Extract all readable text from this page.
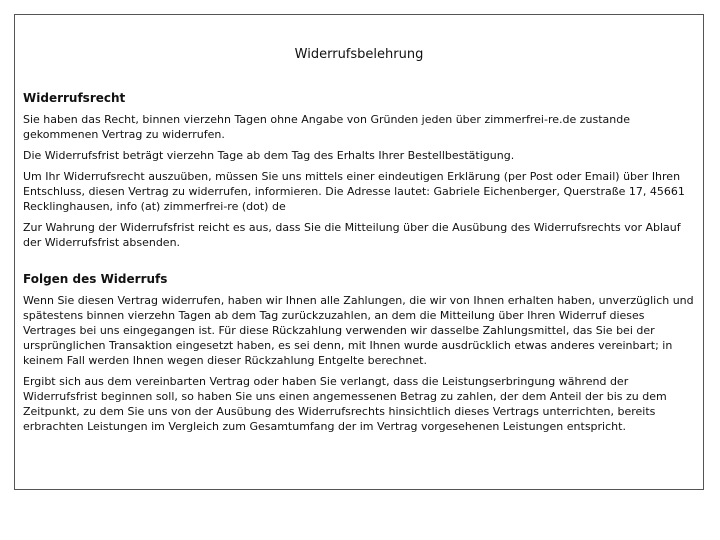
Widerrufsbelehrung
Widerrufsrecht

Sie haben das Recht, binnen vierzehn Tagen ohne Angabe von Gründen jeden über zimmerfrei-re.de zustande gekommenen Vertrag zu widerrufen.

Die Widerrufsfrist beträgt vierzehn Tage ab dem Tag des Erhalts Ihrer Bestellbestätigung.

Um Ihr Widerrufsrecht auszuüben, müssen Sie uns mittels einer eindeutigen Erklärung (per Post oder Email) über Ihren Entschluss, diesen Vertrag zu widerrufen, informieren. Die Adresse lautet: Gabriele Eichenberger, Querstraße 17, 45661 Recklinghausen, info (at) zimmerfrei-re (dot) de

Zur Wahrung der Widerrufsfrist reicht es aus, dass Sie die Mitteilung über die Ausübung des Widerrufsrechts vor Ablauf der Widerrufsfrist absenden.

Folgen des Widerrufs

Wenn Sie diesen Vertrag widerrufen, haben wir Ihnen alle Zahlungen, die wir von Ihnen erhalten haben, unverzüglich und spätestens binnen vierzehn Tagen ab dem Tag zurückzuzahlen, an dem die Mitteilung über Ihren Widerruf dieses Vertrages bei uns eingegangen ist. Für diese Rückzahlung verwenden wir dasselbe Zahlungsmittel, das Sie bei der ursprünglichen Transaktion eingesetzt haben, es sei denn, mit Ihnen wurde ausdrücklich etwas anderes vereinbart; in keinem Fall werden Ihnen wegen dieser Rückzahlung Entgelte berechnet.

Ergibt sich aus dem vereinbarten Vertrag oder haben Sie verlangt, dass die Leistungserbringung während der Widerrufsfrist beginnen soll, so haben Sie uns einen angemessenen Betrag zu zahlen, der dem Anteil der bis zu dem Zeitpunkt, zu dem Sie uns von der Ausübung des Widerrufsrechts hinsichtlich dieses Vertrags unterrichten, bereits erbrachten Leistungen im Vergleich zum Gesamtumfang der im Vertrag vorgesehenen Leistungen entspricht.
